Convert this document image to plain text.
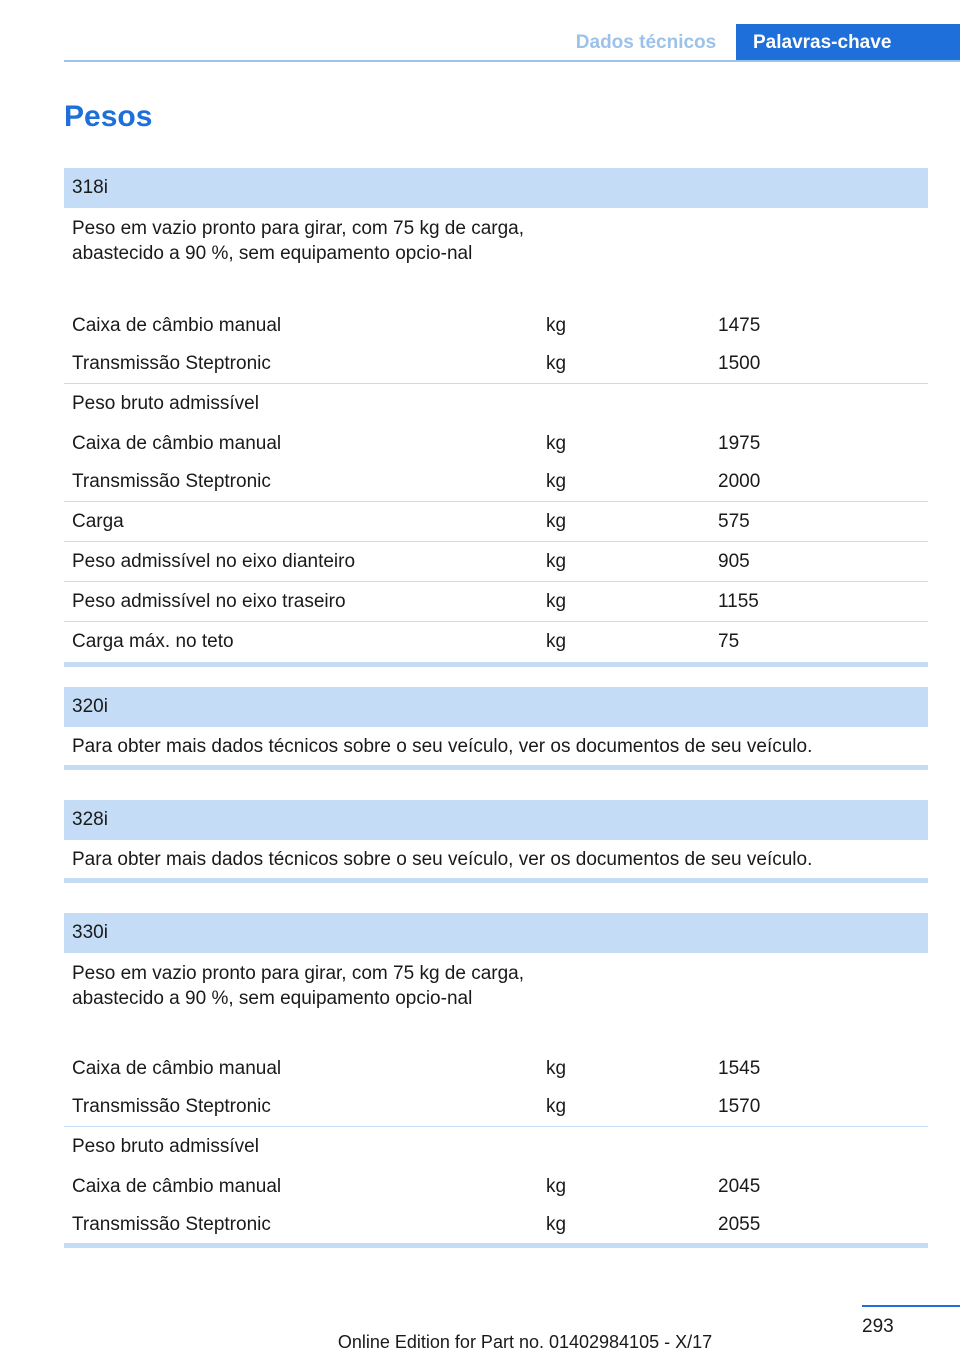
Dados técnicos	Palavras-chave
Pesos
318i
Peso em vazio pronto para girar, com 75 kg de carga, abastecido a 90 %, sem equipamento opcio-nal
Caixa de câmbio manual	kg	1475
Transmissão Steptronic	kg	1500
Peso bruto admissível
Caixa de câmbio manual	kg	1975
Transmissão Steptronic	kg	2000
Carga	kg	575
Peso admissível no eixo dianteiro	kg	905
Peso admissível no eixo traseiro	kg	1155
Carga máx. no teto	kg	75
320i
Para obter mais dados técnicos sobre o seu veículo, ver os documentos de seu veículo.
328i
Para obter mais dados técnicos sobre o seu veículo, ver os documentos de seu veículo.
330i
Peso em vazio pronto para girar, com 75 kg de carga, abastecido a 90 %, sem equipamento opcio-nal
Caixa de câmbio manual	kg	1545
Transmissão Steptronic	kg	1570
Peso bruto admissível
Caixa de câmbio manual	kg	2045
Transmissão Steptronic	kg	2055
293
Online Edition for Part no. 01402984105 - X/17
